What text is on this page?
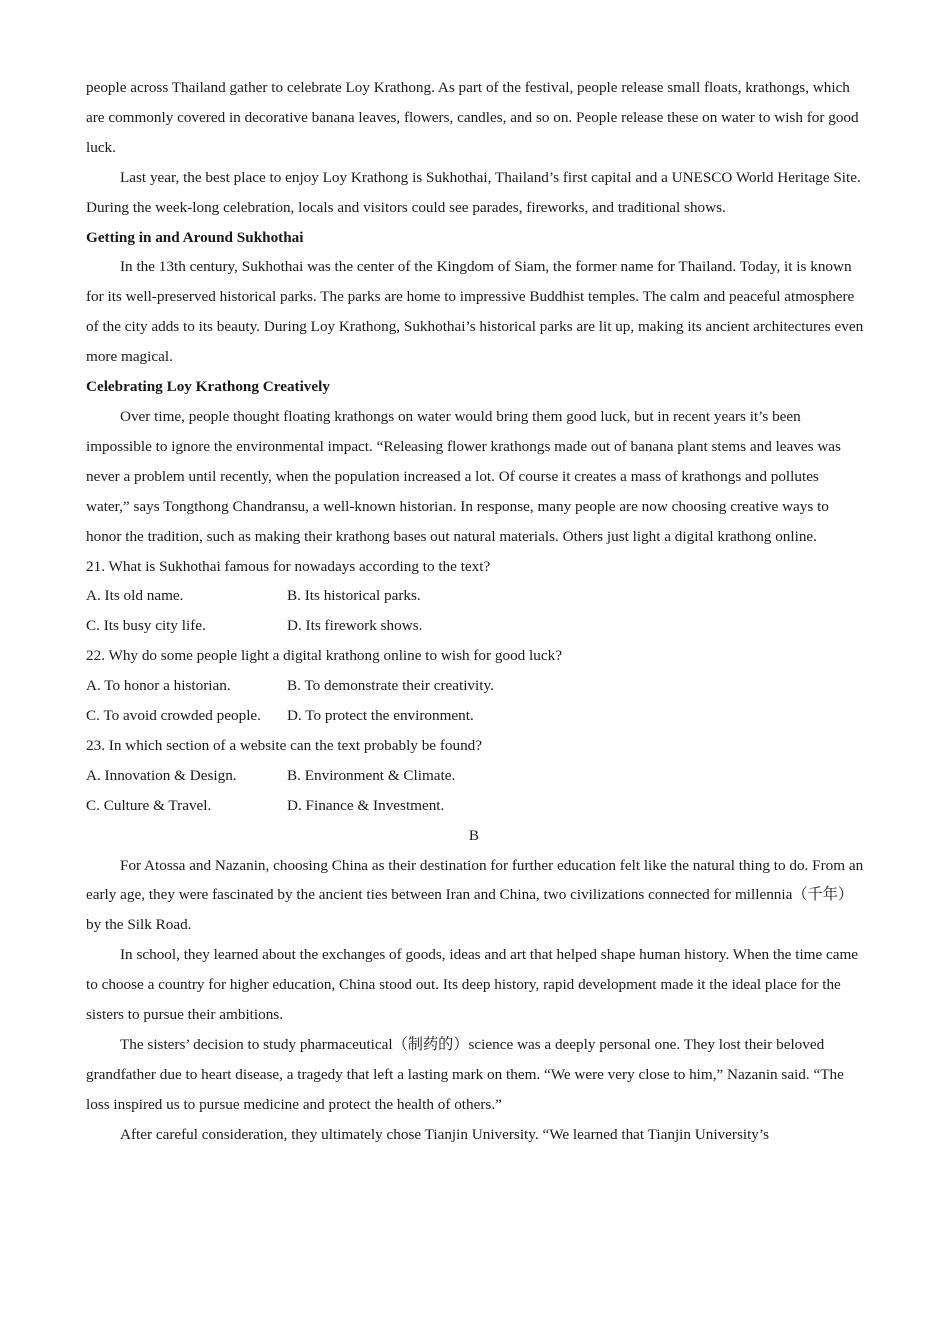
people across Thailand gather to celebrate Loy Krathong. As part of the festival, people release small floats, krathongs, which are commonly covered in decorative banana leaves, flowers, candles, and so on. People release these on water to wish for good luck.

Last year, the best place to enjoy Loy Krathong is Sukhothai, Thailand’s first capital and a UNESCO World Heritage Site. During the week-long celebration, locals and visitors could see parades, fireworks, and traditional shows.

Getting in and Around Sukhothai

In the 13th century, Sukhothai was the center of the Kingdom of Siam, the former name for Thailand. Today, it is known for its well-preserved historical parks. The parks are home to impressive Buddhist temples. The calm and peaceful atmosphere of the city adds to its beauty. During Loy Krathong, Sukhothai’s historical parks are lit up, making its ancient architectures even more magical.

Celebrating Loy Krathong Creatively

Over time, people thought floating krathongs on water would bring them good luck, but in recent years it’s been impossible to ignore the environmental impact. “Releasing flower krathongs made out of banana plant stems and leaves was never a problem until recently, when the population increased a lot. Of course it creates a mass of krathongs and pollutes water,” says Tongthong Chandransu, a well-known historian. In response, many people are now choosing creative ways to honor the tradition, such as making their krathong bases out natural materials. Others just light a digital krathong online.

21. What is Sukhothai famous for nowadays according to the text?

A. Its old name.	B. Its historical parks.
C. Its busy city life.	D. Its firework shows.

22. Why do some people light a digital krathong online to wish for good luck?

A. To honor a historian.	B. To demonstrate their creativity.
C. To avoid crowded people.	D. To protect the environment.

23. In which section of a website can the text probably be found?

A. Innovation & Design.	B. Environment & Climate.
C. Culture & Travel.	D. Finance & Investment.

B

For Atossa and Nazanin, choosing China as their destination for further education felt like the natural thing to do. From an early age, they were fascinated by the ancient ties between Iran and China, two civilizations connected for millennia（千年）by the Silk Road.

In school, they learned about the exchanges of goods, ideas and art that helped shape human history. When the time came to choose a country for higher education, China stood out. Its deep history, rapid development made it the ideal place for the sisters to pursue their ambitions.

The sisters’ decision to study pharmaceutical（制药的）science was a deeply personal one. They lost their beloved grandfather due to heart disease, a tragedy that left a lasting mark on them. “We were very close to him,” Nazanin said. “The loss inspired us to pursue medicine and protect the health of others.”

After careful consideration, they ultimately chose Tianjin University. “We learned that Tianjin University’s
